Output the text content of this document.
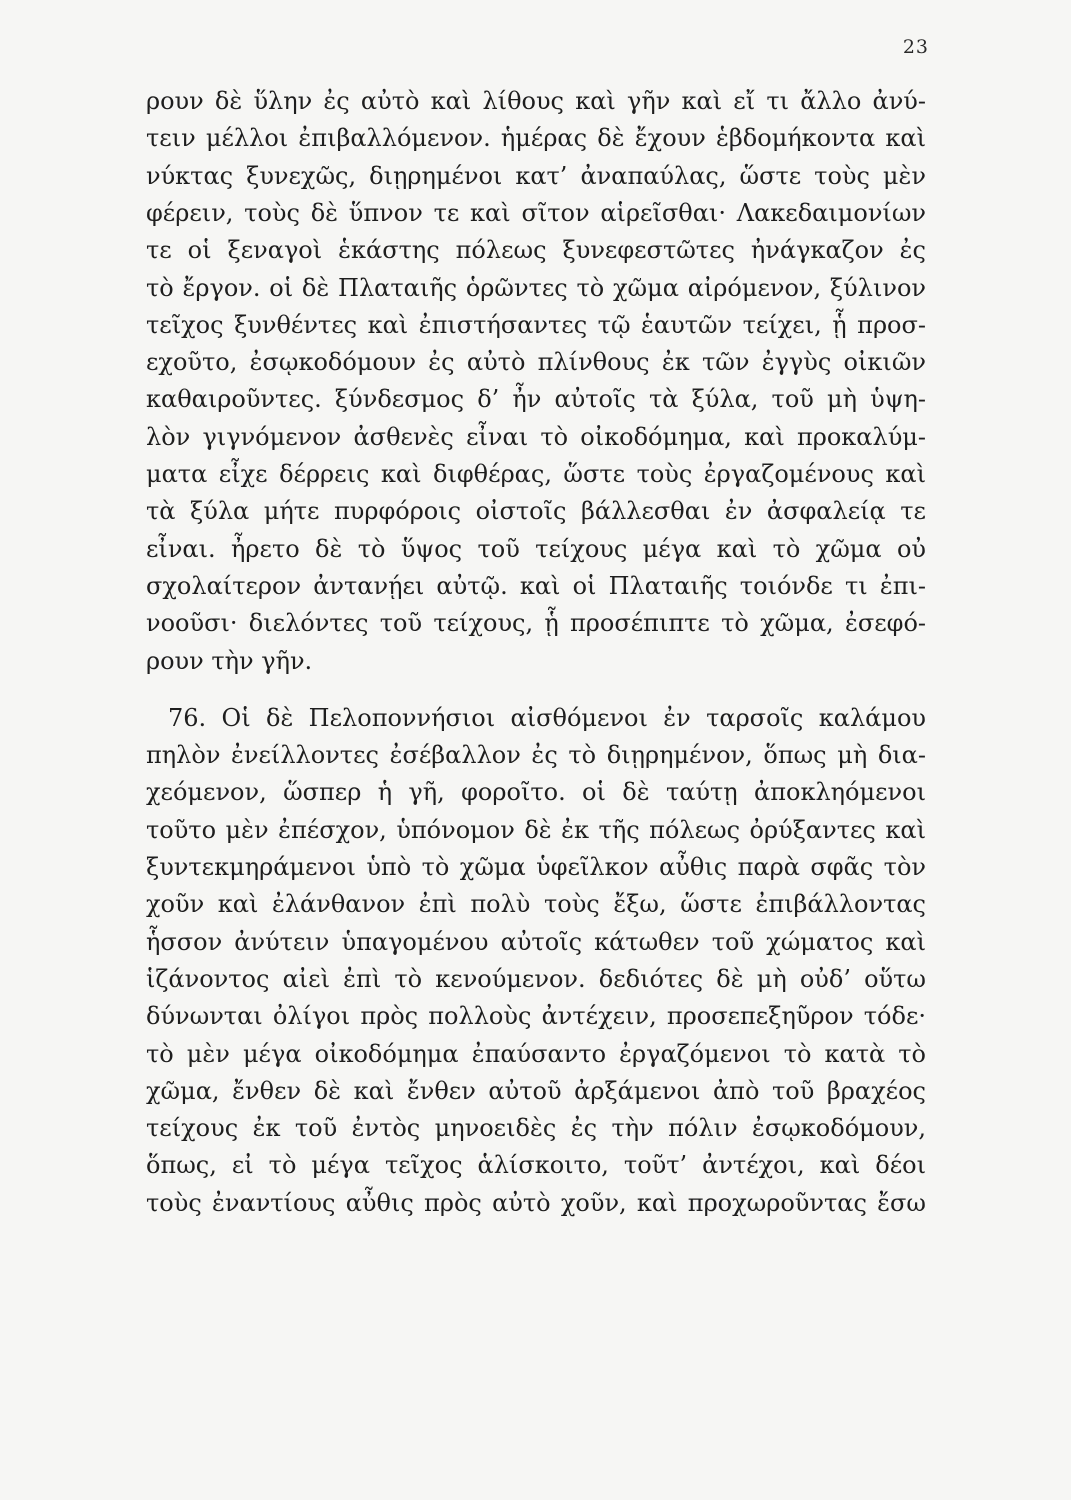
23
ρουν δὲ ὕλην ἐς αὐτὸ καὶ λίθους καὶ γῆν καὶ εἴ τι ἄλλο ἀνύ-
τειν μέλλοι ἐπιβαλλόμενον. ἡμέρας δὲ ἔχουν ἑβδομήκοντα καὶ
νύκτας ξυνεχῶς, διῃρημένοι κατ’ ἀναπαύλας, ὥστε τοὺς μὲν
φέρειν, τοὺς δὲ ὕπνον τε καὶ σῖτον αἱρεῖσθαι· Λακεδαιμονίων
τε οἱ ξεναγοὶ ἑκάστης πόλεως ξυνεφεστῶτες ἠνάγκαζον ἐς
τὸ ἔργον. οἱ δὲ Πλαταιῆς ὁρῶντες τὸ χῶμα αἰρόμενον, ξύλινον
τεῖχος ξυνθέντες καὶ ἐπιστήσαντες τῷ ἑαυτῶν τείχει, ᾗ προσ-
εχοῦτο, ἐσῳκοδόμουν ἐς αὐτὸ πλίνθους ἐκ τῶν ἐγγὺς οἰκιῶν
καθαιροῦντες. ξύνδεσμος δ’ ἦν αὐτοῖς τὰ ξύλα, τοῦ μὴ ὑψη-
λὸν γιγνόμενον ἀσθενὲς εἶναι τὸ οἰκοδόμημα, καὶ προκαλύμ-
ματα εἶχε δέρρεις καὶ διφθέρας, ὥστε τοὺς ἐργαζομένους καὶ
τὰ ξύλα μήτε πυρφόροις οἰστοῖς βάλλεσθαι ἐν ἀσφαλείᾳ τε
εἶναι. ἦρετο δὲ τὸ ὕψος τοῦ τείχους μέγα καὶ τὸ χῶμα οὐ
σχολαίτερον ἀντανῄει αὐτῷ. καὶ οἱ Πλαταιῆς τοιόνδε τι ἐπι-
νοοῦσι· διελόντες τοῦ τείχους, ᾗ προσέπιπτε τὸ χῶμα, ἐσεφό-
ρουν τὴν γῆν.
76. Οἱ δὲ Πελοποννήσιοι αἰσθόμενοι ἐν ταρσοῖς καλάμου
πηλὸν ἐνείλλοντες ἐσέβαλλον ἐς τὸ διῃρημένον, ὅπως μὴ δια-
χεόμενον, ὥσπερ ἡ γῆ, φοροῖτο. οἱ δὲ ταύτῃ ἀποκληόμενοι
τοῦτο μὲν ἐπέσχον, ὑπόνομον δὲ ἐκ τῆς πόλεως ὀρύξαντες καὶ
ξυντεκμηράμενοι ὑπὸ τὸ χῶμα ὑφεῖλκον αὖθις παρὰ σφᾶς τὸν
χοῦν καὶ ἐλάνθανον ἐπὶ πολὺ τοὺς ἔξω, ὥστε ἐπιβάλλοντας
ἧσσον ἀνύτειν ὑπαγομένου αὐτοῖς κάτωθεν τοῦ χώματος καὶ
ἱζάνοντος αἰεὶ ἐπὶ τὸ κενούμενον. δεδιότες δὲ μὴ οὐδ’ οὕτω
δύνωνται ὀλίγοι πρὸς πολλοὺς ἀντέχειν, προσεπεξηῦρον τόδε·
τὸ μὲν μέγα οἰκοδόμημα ἐπαύσαντο ἐργαζόμενοι τὸ κατὰ τὸ
χῶμα, ἔνθεν δὲ καὶ ἔνθεν αὐτοῦ ἀρξάμενοι ἀπὸ τοῦ βραχέος
τείχους ἐκ τοῦ ἐντὸς μηνοειδὲς ἐς τὴν πόλιν ἐσῳκοδόμουν,
ὅπως, εἰ τὸ μέγα τεῖχος ἁλίσκοιτο, τοῦτ’ ἀντέχοι, καὶ δέοι
τοὺς ἐναντίους αὖθις πρὸς αὐτὸ χοῦν, καὶ προχωροῦντας ἔσω
